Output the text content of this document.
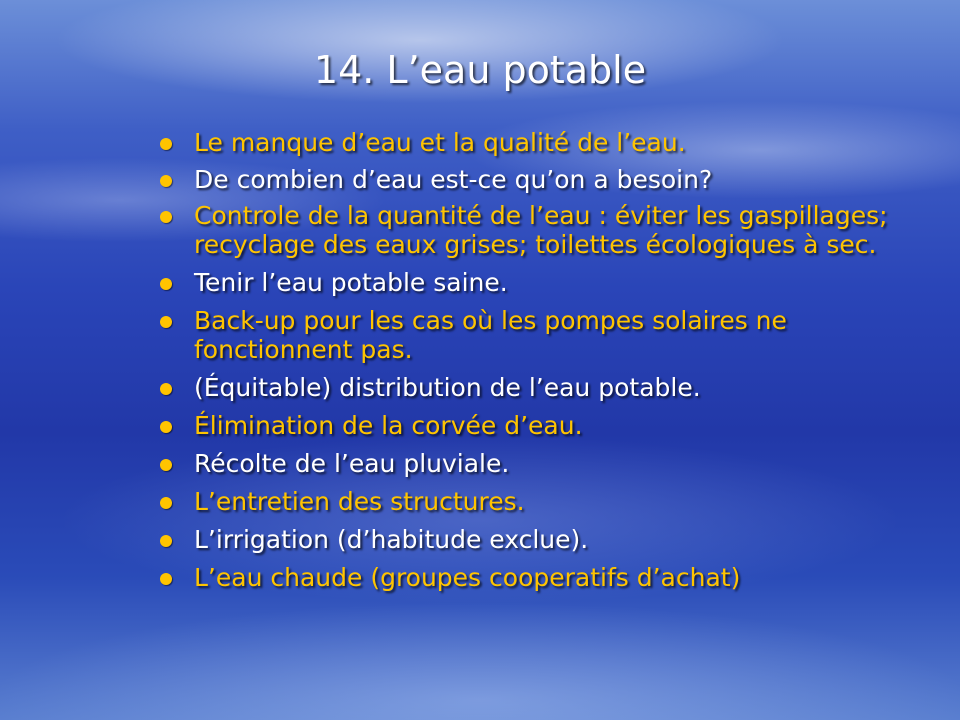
14. L’eau potable
Le manque d’eau et la qualité de l’eau.
De combien d’eau est-ce qu’on a besoin?
Controle de la quantité de l’eau : éviter les gaspillages; recyclage des eaux grises; toilettes écologiques à sec.
Tenir l’eau potable saine.
Back-up pour les cas où les pompes solaires ne fonctionnent pas.
(Équitable) distribution de l’eau potable.
Élimination de la corvée d’eau.
Récolte de l’eau pluviale.
L’entretien des structures.
L’irrigation (d’habitude exclue).
L’eau chaude (groupes cooperatifs d’achat)
